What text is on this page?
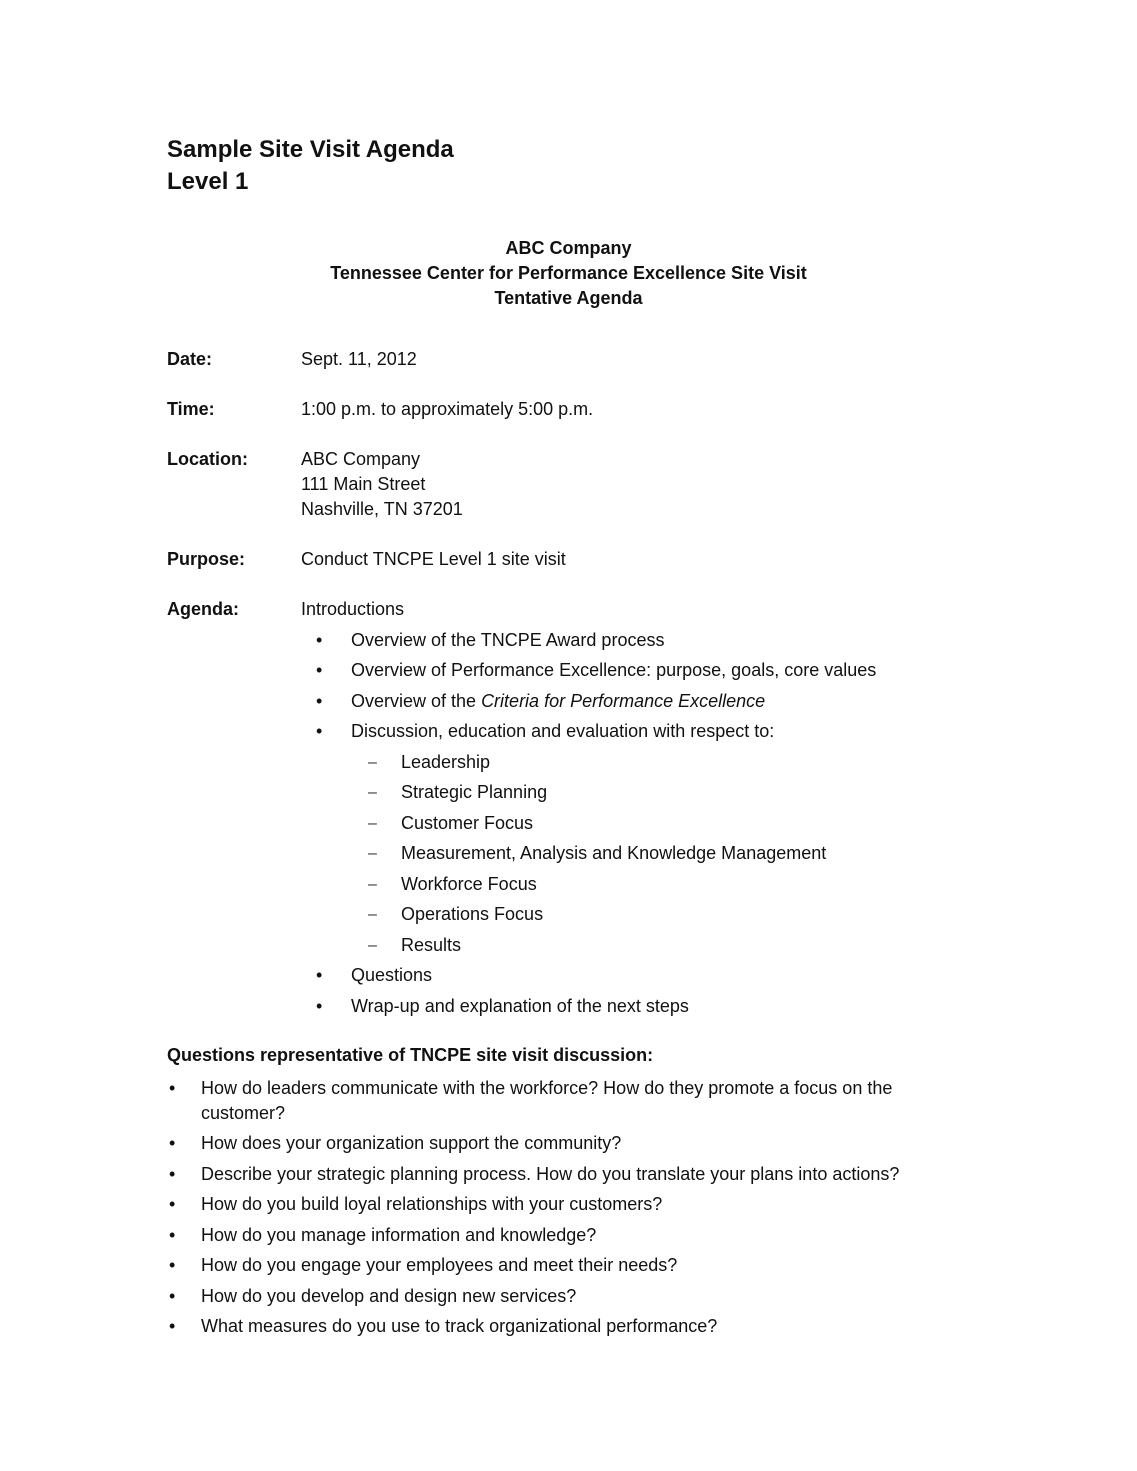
Sample Site Visit Agenda
Level 1
ABC Company
Tennessee Center for Performance Excellence Site Visit
Tentative Agenda
Date:	Sept. 11, 2012
Time:	1:00 p.m. to approximately 5:00 p.m.
Location:	ABC Company
111 Main Street
Nashville, TN 37201
Purpose:	Conduct TNCPE Level 1 site visit
Agenda:	Introductions
• Overview of the TNCPE Award process
• Overview of Performance Excellence: purpose, goals, core values
• Overview of the Criteria for Performance Excellence
• Discussion, education and evaluation with respect to:
– Leadership
– Strategic Planning
– Customer Focus
– Measurement, Analysis and Knowledge Management
– Workforce Focus
– Operations Focus
– Results
• Questions
• Wrap-up and explanation of the next steps
Questions representative of TNCPE site visit discussion:
• How do leaders communicate with the workforce? How do they promote a focus on the
customer?
• How does your organization support the community?
• Describe your strategic planning process. How do you translate your plans into actions?
• How do you build loyal relationships with your customers?
• How do you manage information and knowledge?
• How do you engage your employees and meet their needs?
• How do you develop and design new services?
• What measures do you use to track organizational performance?
